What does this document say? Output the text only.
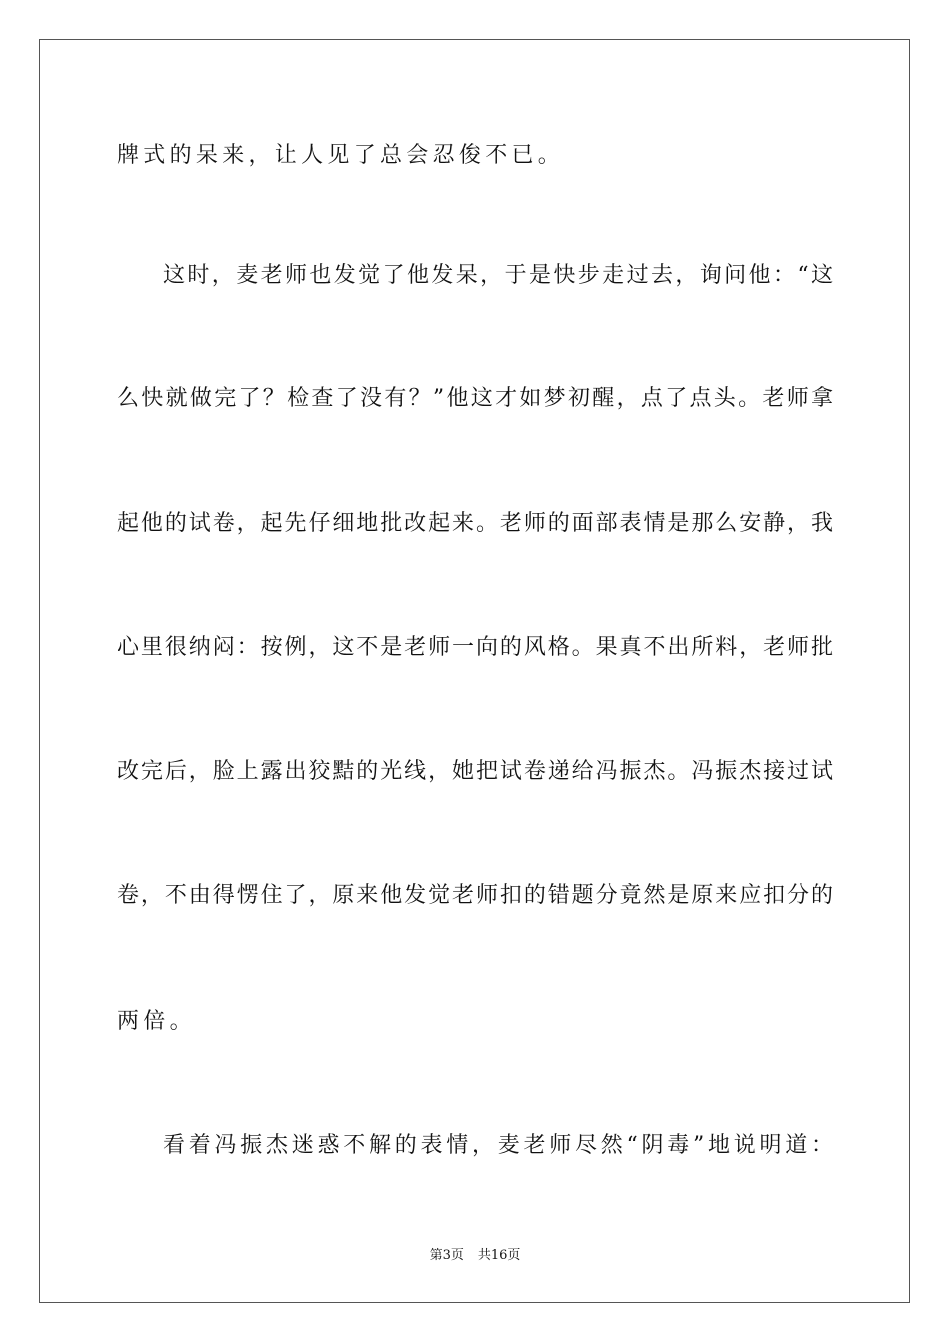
牌式的呆来，让人见了总会忍俊不已。
这时，麦老师也发觉了他发呆，于是快步走过去，询问他：“这
么快就做完了？检查了没有？”他这才如梦初醒，点了点头。老师拿
起他的试卷，起先仔细地批改起来。老师的面部表情是那么安静，我
心里很纳闷：按例，这不是老师一向的风格。果真不出所料，老师批
改完后，脸上露出狡黠的光线，她把试卷递给冯振杰。冯振杰接过试
卷，不由得愣住了，原来他发觉老师扣的错题分竟然是原来应扣分的
两倍。
看着冯振杰迷惑不解的表情，麦老师尽然“阴毒”地说明道：
第3页 共16页
